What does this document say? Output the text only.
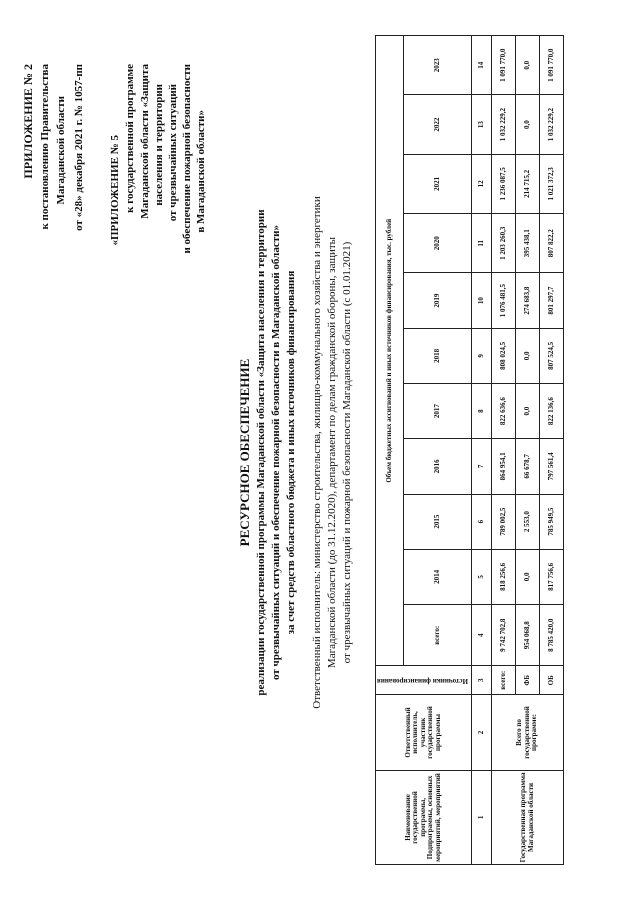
ПРИЛОЖЕНИЕ № 2 к постановлению Правительства Магаданской области от «28» декабря 2021 г. № 1057-пп «ПРИЛОЖЕНИЕ № 5 к государственной программе Магаданской области «Защита населения и территории от чрезвычайных ситуаций и обеспечение пожарной безопасности в Магаданской области»
РЕСУРСНОЕ ОБЕСПЕЧЕНИЕ реализации государственной программы Магаданской области «Защита населения и территории от чрезвычайных ситуаций и обеспечение пожарной безопасности в Магаданской области» за счет средств областного бюджета и иных источников финансирования Ответственный исполнитель: министерство строительства, жилищно-коммунального хозяйства и энергетики Магаданской области (до 31.12.2020), департамент по делам гражданской обороны, защиты от чрезвычайных ситуаций и пожарной безопасности Магаданской области (с 01.01.2021)
Наименование государственной программы, Подпрограммы, основных мероприятий, мероприятий	Ответственный исполнитель, участник государственной программы	Источники финансирования	Объем бюджетных ассигнований и иных источников финансирования, тыс. рублей										
			всего:	2014	2015	2016	2017	2018	2019	2020	2021	2022	2023
1	2	3	4	5	6	7	8	9	10	11	12	13	14
Государственная программа Магаданской области	Всего по государственной программе:	всего:	9 742 702,8	818 256,6	789 002,5	864 954,1	822 636,6	808 024,5	1 076 481,5	1 203 260,3	1 236 087,5	1 032 229,2	1 091 770,0
		ФБ	954 068,8	0,0	2 553,0	66 678,7	0,0	0,0	274 683,8	395 438,1	214 715,2	0,0	0,0
		ОБ	8 785 420,0	817 756,6	785 949,5	797 561,4	822 136,6	807 524,5	801 297,7	807 822,2	1 021 372,3	1 032 229,2	1 091 770,0
